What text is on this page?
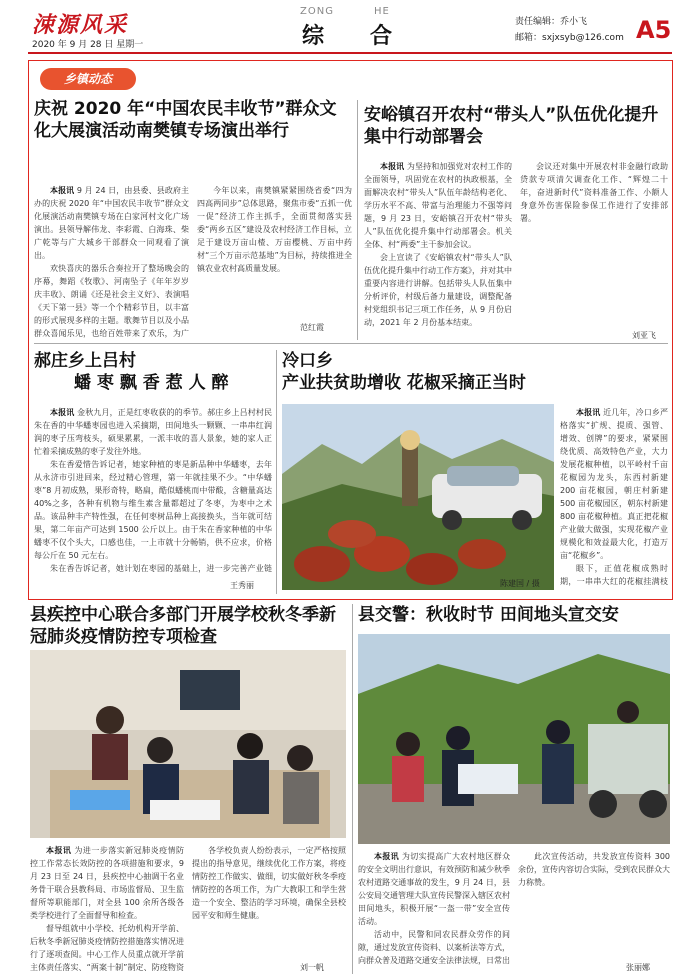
涑源风采
2020 年 9 月 28 日 星期一
ZONG	HE
综 合
责任编辑：乔小飞
邮箱：sxjxsyb@126.com A5
乡镇动态
庆祝 2020 年“中国农民丰收节”群众文化大展演活动南樊镇专场演出举行

本报讯 9 月 24 日，由县委、县政府主办的庆祝 2020 年“中国农民丰收节”群众文化展演活动南樊镇专场在白家河村文化广场演出。县领导解伟龙、李彩霞、白海珠、柴广乾等与广大城乡干部群众一同观看了演出。

欢快喜庆的器乐合奏拉开了整场晚会的序幕，舞蹈《牧歌》、河南坠子《年年岁岁庆丰收》、朗诵《还是社会主义好》、表演唱《天下第一县》等一个个精彩节目，以丰富的形式展现多样的主题。歌舞节目以及小品群众喜闻乐见，也给百姓带来了欢乐，为广

今年以来，南樊镇紧紧围绕省委“四为四高两同步”总体思路，聚焦市委“五抓一优一促”经济工作主抓手，全面贯彻落实县委“两乡五区”建设及农村经济工作目标，立足于建设万亩山楂、万亩樱桃、万亩中药材“三个万亩示范基地”为目标，持续推进全镇农业农村高质量发展。

范红霞
安峪镇召开农村“带头人”队伍优化提升集中行动部署会

本报讯 为坚持和加强党对农村工作的全面领导，巩固党在农村的执政根基，全面解决农村“带头人”队伍年龄结构老化、学历水平不高、带富与治理能力不强等问题，9 月 23 日，安峪镇召开农村“带头人”队伍优化提升集中行动部署会。机关全体、村“两委”主干参加会议。

会上宣读了《安峪镇农村“带头人”队伍优化提升集中行动工作方案》，并对其中重要内容进行讲解。包括带头人队伍集中分析评价，村级后备力量建设，调整配备村党组织书记三项工作任务，从 9 月份启动，2021 年 2 月份基本结束。

会议还对集中开展农村非金融行政助贷款专项清欠调查化工作、“辉煌二十年，奋进新时代”资料准备工作、小额人身意外伤害保险参保工作进行了安排部署。

刘亚飞
郝庄乡上吕村
蟠 枣 飘 香 惹 人 醉

本报讯 金秋九月，正是红枣收获的的季节。郝庄乡上吕村村民朱在香的中华蟠枣园也进入采摘期，田间地头一颗颗、一串串红润润的枣子压弯枝头，硕果累累，一派丰收的喜人景象，她的家人正忙着采摘成熟的枣子发往外地。

朱在香爱惜告诉记者，她家种植的枣是新品种中华蟠枣，去年从永济市引进回来，经过精心管理，第一年就挂果不少。“中华蟠枣”8 月初成熟，果形奇特，略扁，酷似蟠桃而中带酸，含糖量高达 40%之多，各种有机物与维生素含量都超过了冬枣，为枣中之术品。该品种丰产特性强，在任何枣树品种上高接换头，当年就可结果，第二年亩产可达到 1500 公斤以上。由于朱在香家种植的中华蟠枣不仅个头大，口感也佳，一上市就十分畅销，供不应求，价格每公斤在 50 元左右。

朱在香告诉记者，她计划在枣园的基础上，进一步完善产业链

王秀丽
冷口乡
产业扶贫助增收 花椒采摘正当时
陈建国 / 摄

本报讯 近几年，冷口乡严格落实“扩规、提质、强管、增效、创牌”的要求，紧紧围绕优质、高效特色产业，大力发展花椒种植，以平岭村千亩花椒园为龙头，东西村新建 200 亩花椒园，朝庄村新建 500 亩花椒园区，朝东村新建 800 亩花椒种植。真正把花椒产业做大做强，实现花椒产业规模化和效益最大化，打造万亩“花椒乡”。

眼下，正值花椒成熟时期，一串串大红的花椒挂满枝

县疾控中心联合多部门开展学校秋冬季新冠肺炎疫情防控专项检查

本报讯 为进一步落实新冠肺炎疫情防控工作常态长效防控的各项措施和要求，9 月 23 日至 24 日，县疾控中心抽调干名业务骨干联合县教科局、市场监督局、卫生监督所等职能部门，对全县 100 余所各级各类学校进行了全面督导和检查。

督导组就中小学校、托幼机构开学前、后秋冬季新冠肺炎疫情防控措施落实情况进行了逐项查阅。中心工作人员重点就开学前主体责任落实、“两案十制”制定、防疫物资

各学校负责人纷纷表示，一定严格按照提出的指导意见，继续优化工作方案，将疫情防控工作做实、做细，切实做好秋冬季疫情防控的各项工作，为广大教职工和学生营造一个安全、整洁的学习环境，确保全县校园平安和师生健康。

刘一帆
县交警：秋收时节 田间地头宣交安

本报讯 为切实提高广大农村地区群众的安全文明出行意识，有效预防和减少秋季农村道路交通事故的发生，9 月 24 日，县公安局交通管理大队宣传民警深入辖区农村田间地头，积极开展“一盔一带”安全宣传活动。

活动中，民警和同农民群众劳作的间隙，通过发放宣传资料、以案析法等方式，向群众普及道路交通安全法律法规，日常出

此次宣传活动，共发放宣传资料 300 余份，宣传内容切合实际，受到农民群众大力称赞。

张丽娜
